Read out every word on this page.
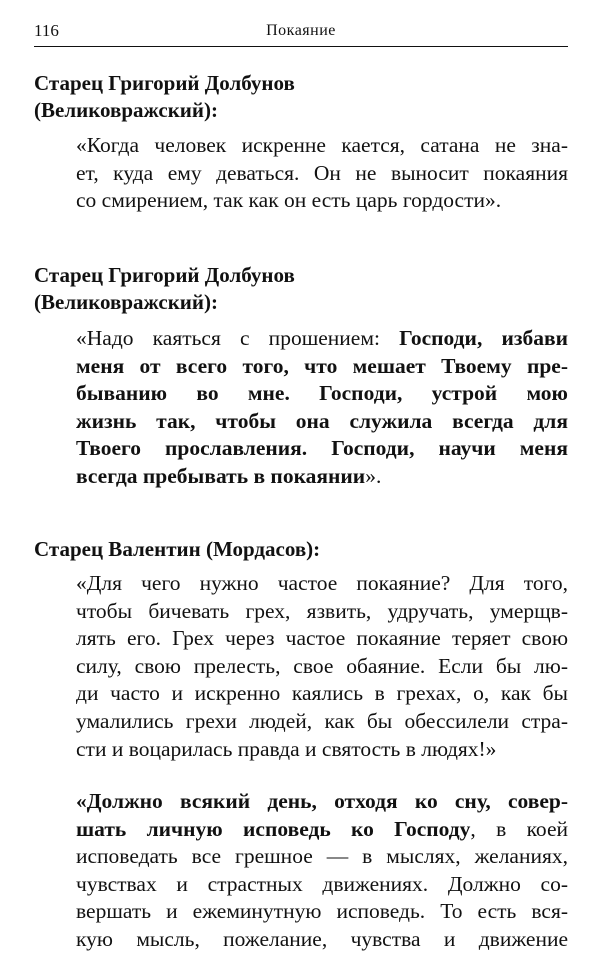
116	Покаяние
Старец Григорий Долбунов
(Великовражский):
«Когда человек искренне кается, сатана не зна-
ет, куда ему деваться. Он не выносит покаяния
со смирением, так как он есть царь гордости».
Старец Григорий Долбунов
(Великовражский):
«Надо каяться с прошением: Господи, избави
меня от всего того, что мешает Твоему пре-
быванию во мне. Господи, устрой мою
жизнь так, чтобы она служила всегда для
Твоего прославления. Господи, научи меня
всегда пребывать в покаянии».
Старец Валентин (Мордасов):
«Для чего нужно частое покаяние? Для того,
чтобы бичевать грех, язвить, удручать, умерщв-
лять его. Грех через частое покаяние теряет свою
силу, свою прелесть, свое обаяние. Если бы лю-
ди часто и искренно каялись в грехах, о, как бы
умалились грехи людей, как бы обессилели стра-
сти и воцарилась правда и святость в людях!»
«Должно всякий день, отходя ко сну, совер-
шать личную исповедь ко Господу, в коей
исповедать все грешное — в мыслях, желаниях,
чувствах и страстных движениях. Должно со-
вершать и ежеминутную исповедь. То есть вся-
кую мысль, пожелание, чувства и движение
